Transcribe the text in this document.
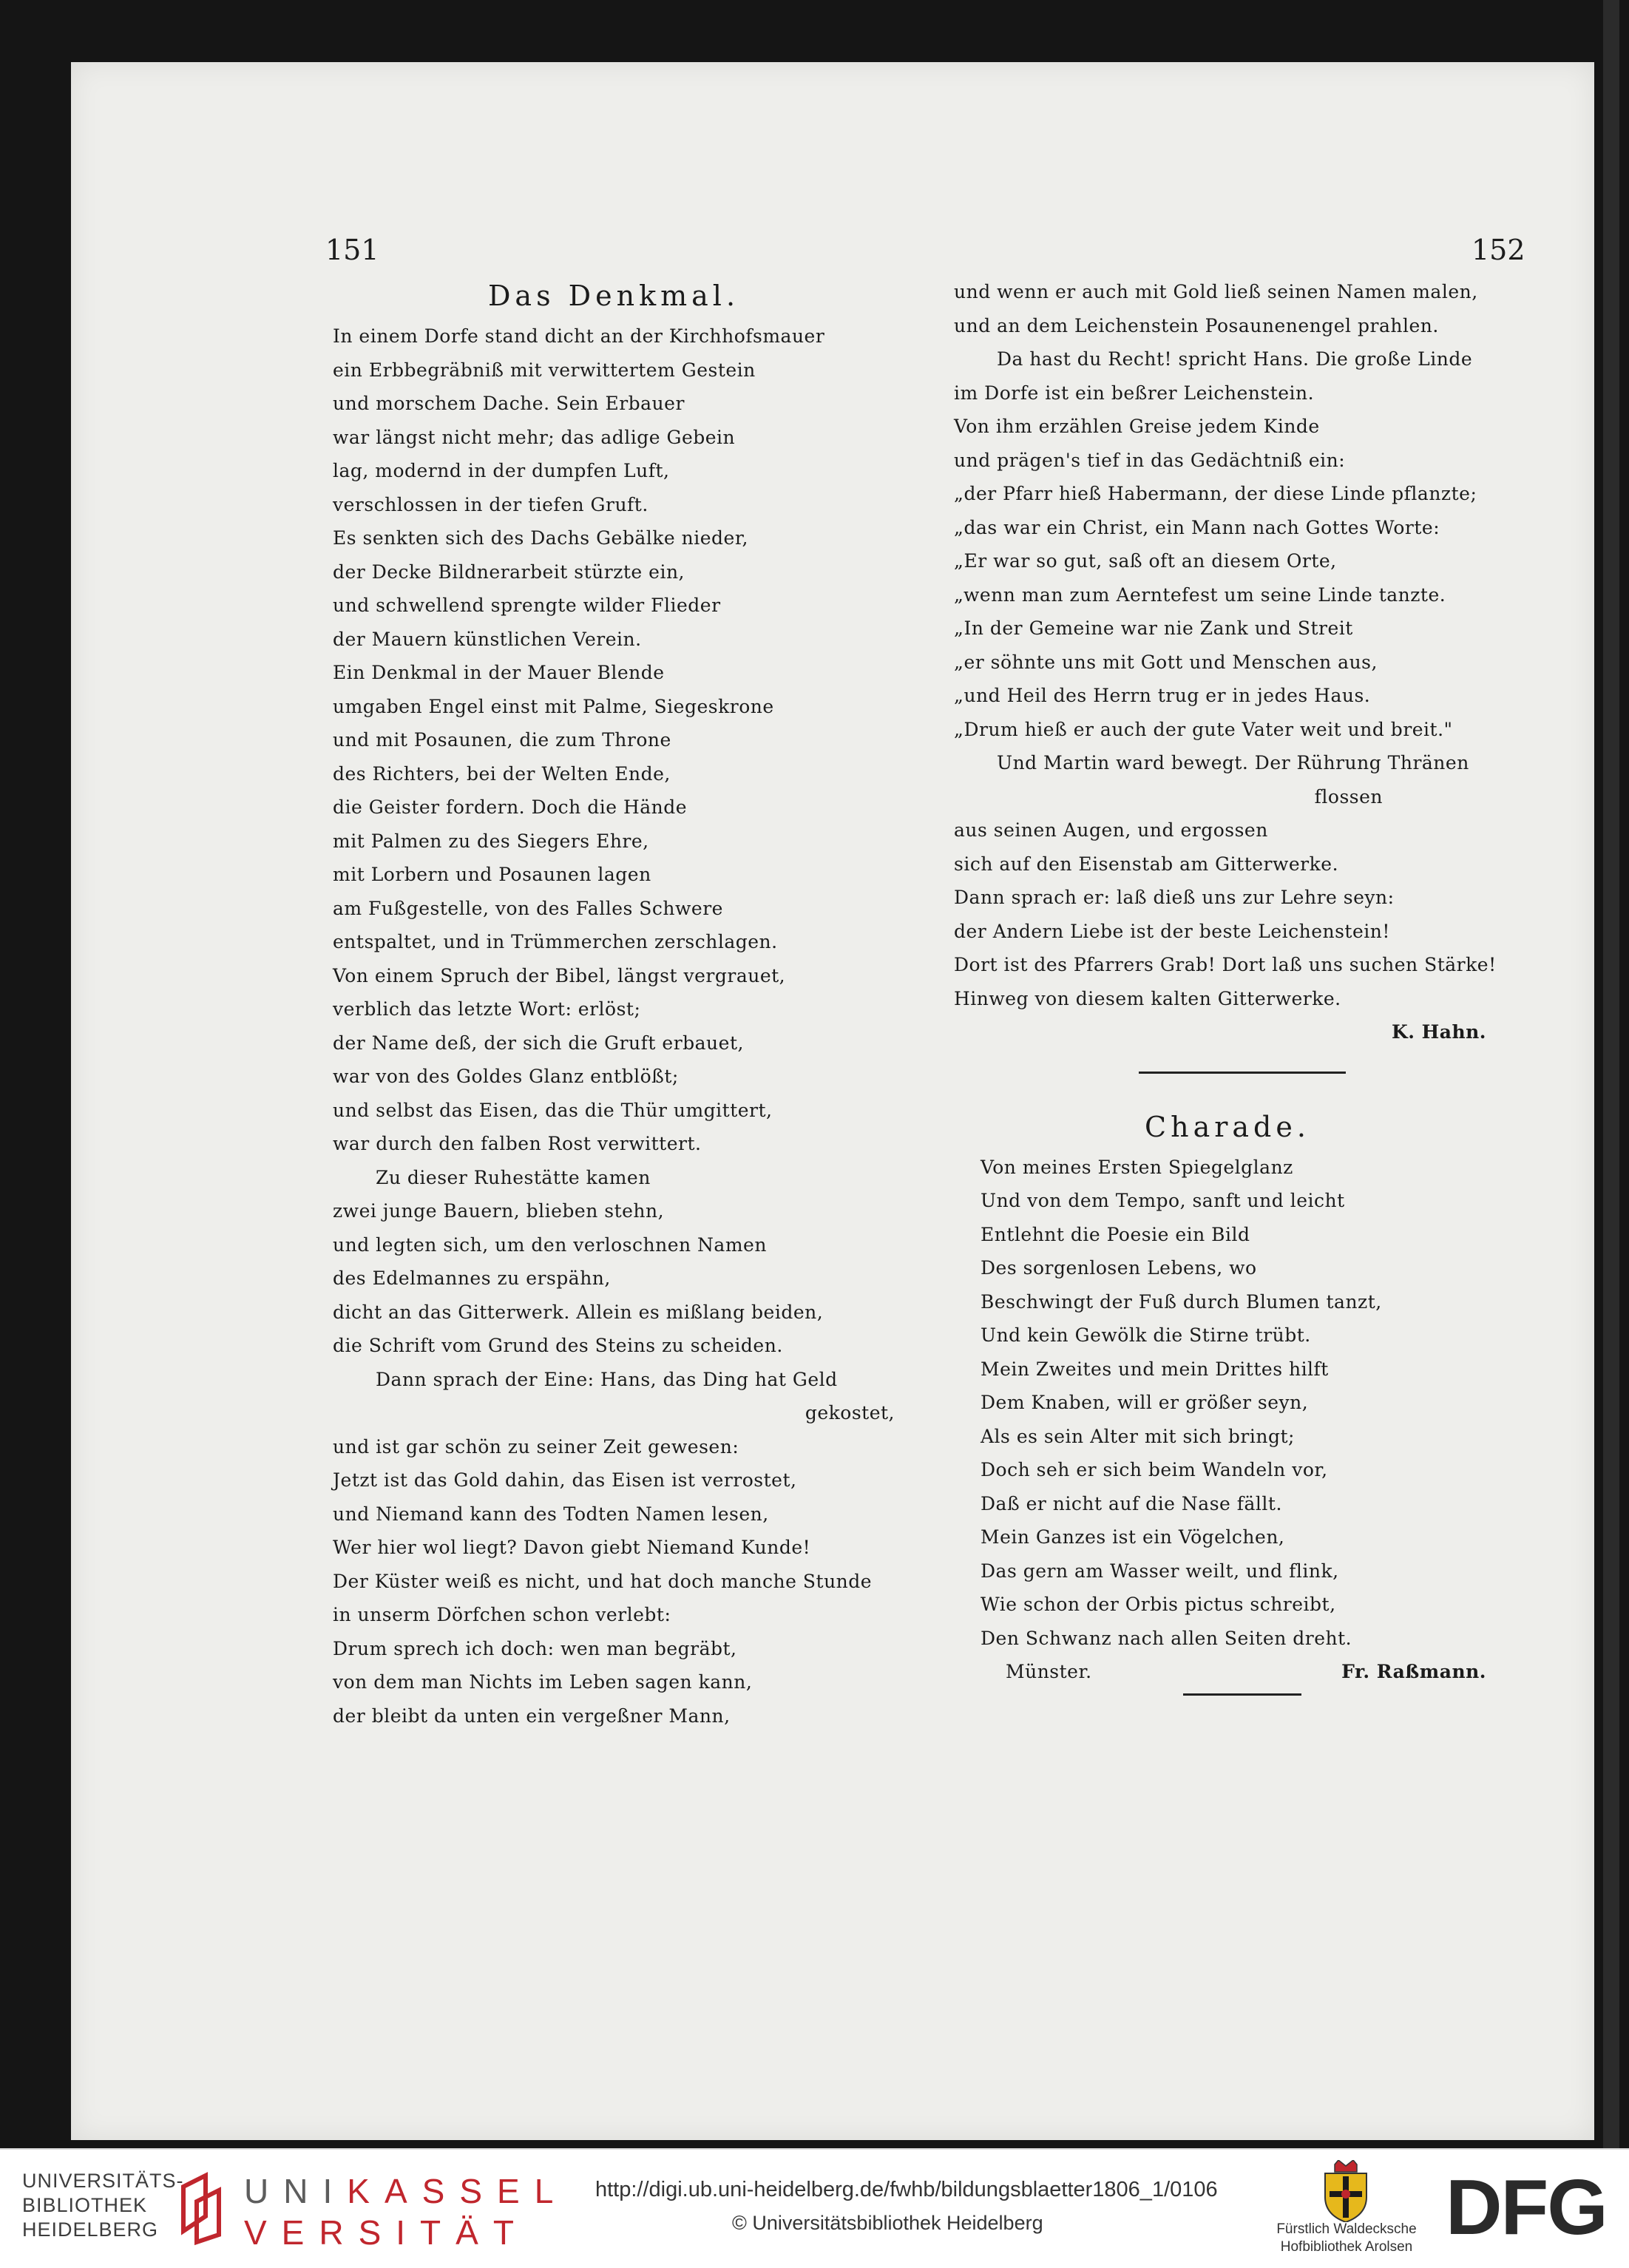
151	152
Das Denkmal.
In einem Dorfe stand dicht an der Kirchhofsmauer
ein Erbbegräbniß mit verwittertem Gestein
und morschem Dache. Sein Erbauer
war längst nicht mehr; das adlige Gebein
lag, modernd in der dumpfen Luft,
verschlossen in der tiefen Gruft.
Es senkten sich des Dachs Gebälke nieder,
der Decke Bildnerarbeit stürzte ein,
und schwellend sprengte wilder Flieder
der Mauern künstlichen Verein.
Ein Denkmal in der Mauer Blende
umgaben Engel einst mit Palme, Siegeskrone
und mit Posaunen, die zum Throne
des Richters, bei der Welten Ende,
die Geister fordern. Doch die Hände
mit Palmen zu des Siegers Ehre,
mit Lorbern und Posaunen lagen
am Fußgestelle, von des Falles Schwere
entspaltet, und in Trümmerchen zerschlagen.
Von einem Spruch der Bibel, längst vergrauet,
verblich das letzte Wort: erlöst;
der Name deß, der sich die Gruft erbauet,
war von des Goldes Glanz entblößt;
und selbst das Eisen, das die Thür umgittert,
war durch den falben Rost verwittert.
Zu dieser Ruhestätte kamen
zwei junge Bauern, blieben stehn,
und legten sich, um den verloschnen Namen
des Edelmannes zu erspähn,
dicht an das Gitterwerk. Allein es mißlang beiden,
die Schrift vom Grund des Steins zu scheiden.
Dann sprach der Eine: Hans, das Ding hat Geld
gekostet,
und ist gar schön zu seiner Zeit gewesen:
Jetzt ist das Gold dahin, das Eisen ist verrostet,
und Niemand kann des Todten Namen lesen,
Wer hier wol liegt? Davon giebt Niemand Kunde!
Der Küster weiß es nicht, und hat doch manche Stunde
in unserm Dörfchen schon verlebt:
Drum sprech ich doch: wen man begräbt,
von dem man Nichts im Leben sagen kann,
der bleibt da unten ein vergeßner Mann,
und wenn er auch mit Gold ließ seinen Namen malen,
und an dem Leichenstein Posaunenengel prahlen.
Da hast du Recht! spricht Hans. Die große Linde
im Dorfe ist ein beßrer Leichenstein.
Von ihm erzählen Greise jedem Kinde
und prägen's tief in das Gedächtniß ein:
„der Pfarr hieß Habermann, der diese Linde pflanzte;
„das war ein Christ, ein Mann nach Gottes Worte:
„Er war so gut, saß oft an diesem Orte,
„wenn man zum Aerntefest um seine Linde tanzte.
„In der Gemeine war nie Zank und Streit
„er söhnte uns mit Gott und Menschen aus,
„und Heil des Herrn trug er in jedes Haus.
„Drum hieß er auch der gute Vater weit und breit."
Und Martin ward bewegt. Der Rührung Thränen
flossen
aus seinen Augen, und ergossen
sich auf den Eisenstab am Gitterwerke.
Dann sprach er: laß dieß uns zur Lehre seyn:
der Andern Liebe ist der beste Leichenstein!
Dort ist des Pfarrers Grab! Dort laß uns suchen Stärke!
Hinweg von diesem kalten Gitterwerke.
K. Hahn.
Charade.
Von meines Ersten Spiegelglanz
Und von dem Tempo, sanft und leicht
Entlehnt die Poesie ein Bild
Des sorgenlosen Lebens, wo
Beschwingt der Fuß durch Blumen tanzt,
Und kein Gewölk die Stirne trübt.
Mein Zweites und mein Drittes hilft
Dem Knaben, will er größer seyn,
Als es sein Alter mit sich bringt;
Doch seh er sich beim Wandeln vor,
Daß er nicht auf die Nase fällt.
Mein Ganzes ist ein Vögelchen,
Das gern am Wasser weilt, und flink,
Wie schon der Orbis pictus schreibt,
Den Schwanz nach allen Seiten dreht.
Münster.	Fr. Raßmann.
UNIVERSITÄTS-
BIBLIOTHEK
HEIDELBERG
UNIKASSEL
VERSITÄT
http://digi.ub.uni-heidelberg.de/fwhb/bildungsblaetter1806_1/0106
© Universitätsbibliothek Heidelberg	Fürstlich Waldecksche
Hofbibliothek Arolsen DFG
